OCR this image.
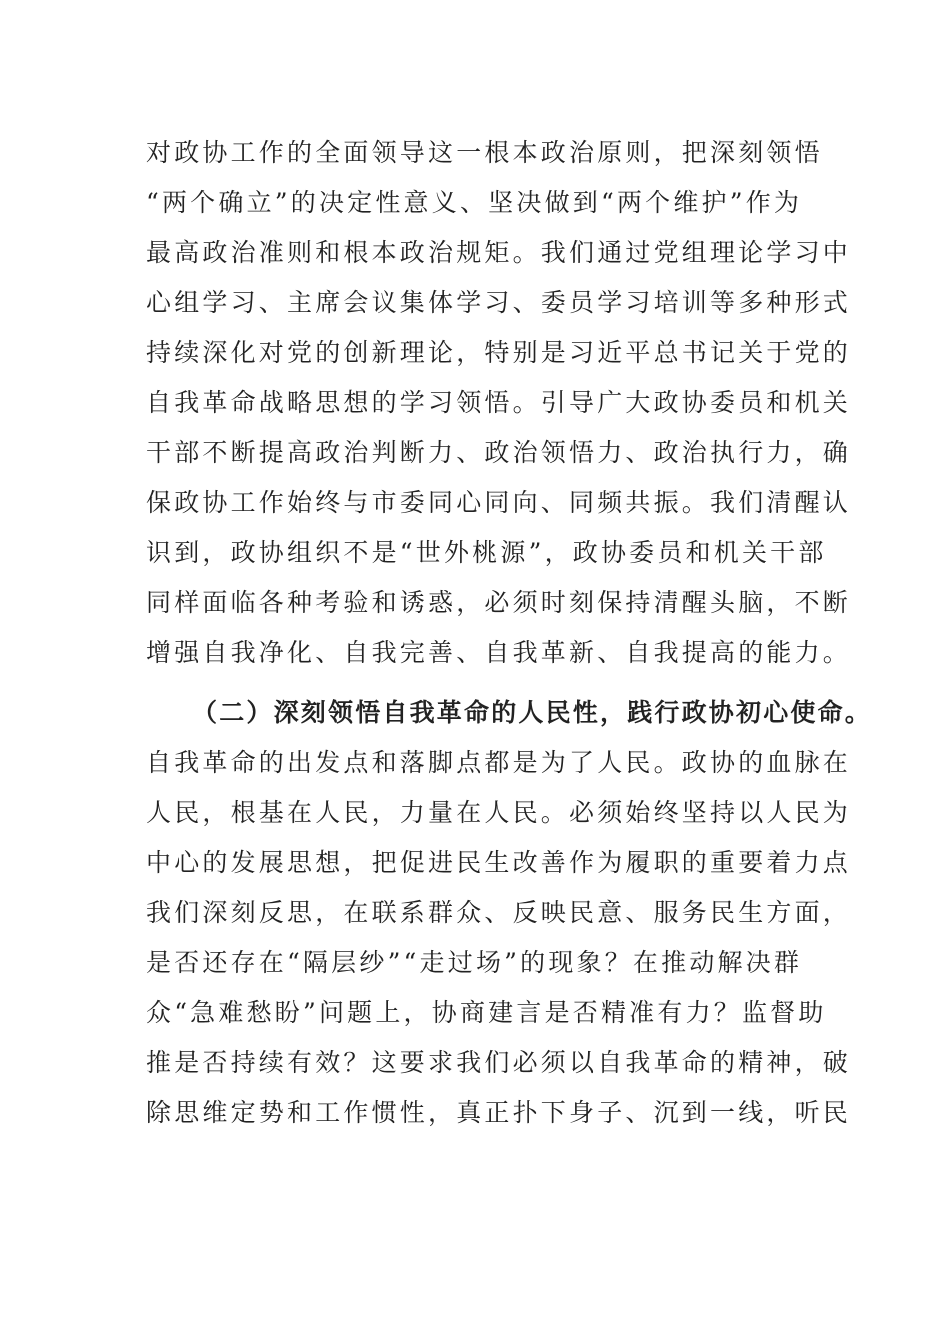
对政协工作的全面领导这一根本政治原则，把深刻领悟
“两个确立”的决定性意义、坚决做到“两个维护”作为
最高政治准则和根本政治规矩。我们通过党组理论学习中
心组学习、主席会议集体学习、委员学习培训等多种形式
持续深化对党的创新理论，特别是习近平总书记关于党的
自我革命战略思想的学习领悟。引导广大政协委员和机关
干部不断提高政治判断力、政治领悟力、政治执行力，确
保政协工作始终与市委同心同向、同频共振。我们清醒认
识到，政协组织不是“世外桃源”，政协委员和机关干部
同样面临各种考验和诱惑，必须时刻保持清醒头脑，不断
增强自我净化、自我完善、自我革新、自我提高的能力。
（二）深刻领悟自我革命的人民性，践行政协初心使命。
自我革命的出发点和落脚点都是为了人民。政协的血脉在
人民，根基在人民，力量在人民。必须始终坚持以人民为
中心的发展思想，把促进民生改善作为履职的重要着力点
我们深刻反思，在联系群众、反映民意、服务民生方面，
是否还存在“隔层纱”“走过场”的现象？在推动解决群
众“急难愁盼”问题上，协商建言是否精准有力？监督助
推是否持续有效？这要求我们必须以自我革命的精神，破
除思维定势和工作惯性，真正扑下身子、沉到一线，听民
